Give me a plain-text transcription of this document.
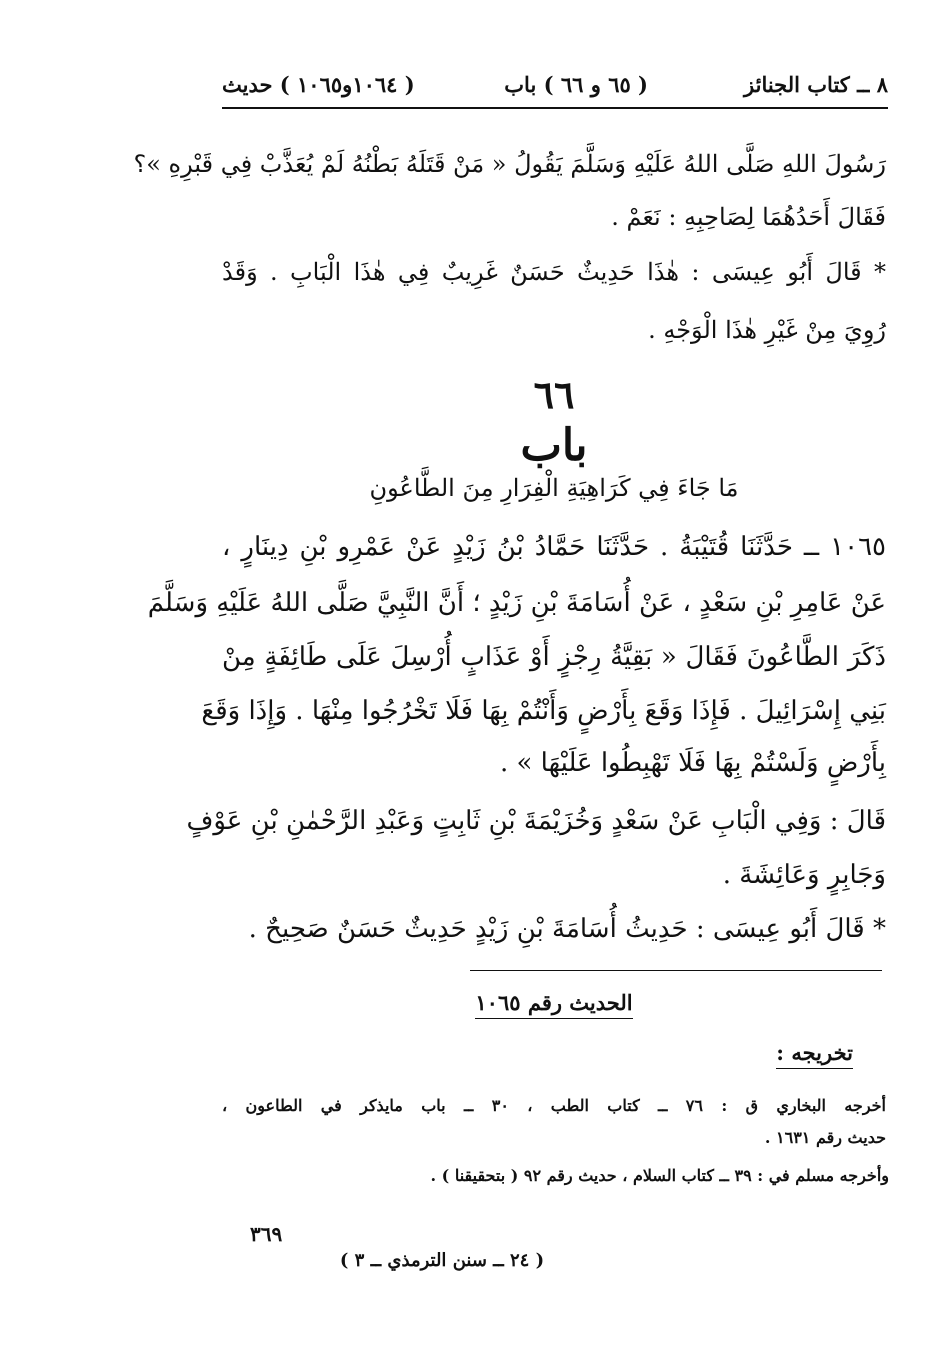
٨ ــ كتاب الجنائز
( ٦٥ و ٦٦ ) باب
( ١٠٦٤و١٠٦٥ ) حديث
رَسُولَ اللهِ صَلَّى اللهُ عَلَيْهِ وَسَلَّمَ يَقُولُ « مَنْ قَتَلَهُ بَطْنُهُ لَمْ يُعَذَّبْ فِي قَبْرِهِ »؟
فَقَالَ أَحَدُهُمَا لِصَاحِبِهِ : نَعَمْ .
* قَالَ أَبُو عِيسَى : هٰذَا حَدِيثٌ حَسَنٌ غَرِيبٌ فِي هٰذَا الْبَابِ . وَقَدْ
رُوِيَ مِنْ غَيْرِ هٰذَا الْوَجْهِ .
٦٦
باب
مَا جَاءَ فِي كَرَاهِيَةِ الْفِرَارِ مِنَ الطَّاعُونِ
١٠٦٥ ــ حَدَّثَنَا قُتَيْبَةُ . حَدَّثَنَا حَمَّادُ بْنُ زَيْدٍ عَنْ عَمْرِو بْنِ دِينَارٍ ،
عَنْ عَامِرِ بْنِ سَعْدٍ ، عَنْ أُسَامَةَ بْنِ زَيْدٍ ؛ أَنَّ النَّبِيَّ صَلَّى اللهُ عَلَيْهِ وَسَلَّمَ
ذَكَرَ الطَّاعُونَ فَقَالَ « بَقِيَّةُ رِجْزٍ أَوْ عَذَابٍ أُرْسِلَ عَلَى طَائِفَةٍ مِنْ
بَنِي إِسْرَائِيلَ . فَإِذَا وَقَعَ بِأَرْضٍ وَأَنْتُمْ بِهَا فَلَا تَخْرُجُوا مِنْهَا . وَإِذَا وَقَعَ
بِأَرْضٍ وَلَسْتُمْ بِهَا فَلَا تَهْبِطُوا عَلَيْهَا » .
قَالَ : وَفِي الْبَابِ عَنْ سَعْدٍ وَخُزَيْمَةَ بْنِ ثَابِتٍ وَعَبْدِ الرَّحْمٰنِ بْنِ عَوْفٍ
وَجَابِرٍ وَعَائِشَةَ .
* قَالَ أَبُو عِيسَى : حَدِيثُ أُسَامَةَ بْنِ زَيْدٍ حَدِيثٌ حَسَنٌ صَحِيحٌ .
الحديث رقم ١٠٦٥
تخريجه :
أخرجه البخاري ق : ٧٦ ــ كتاب الطب ، ٣٠ ــ باب مايذكر في الطاعون ،
حديث رقم ١٦٣١ .
وأخرجه مسلم في : ٣٩ ــ كتاب السلام ، حديث رقم ٩٢ ( بتحقيقنا ) .
٣٦٩
( ٢٤ ــ سنن الترمذي ــ ٣ )
